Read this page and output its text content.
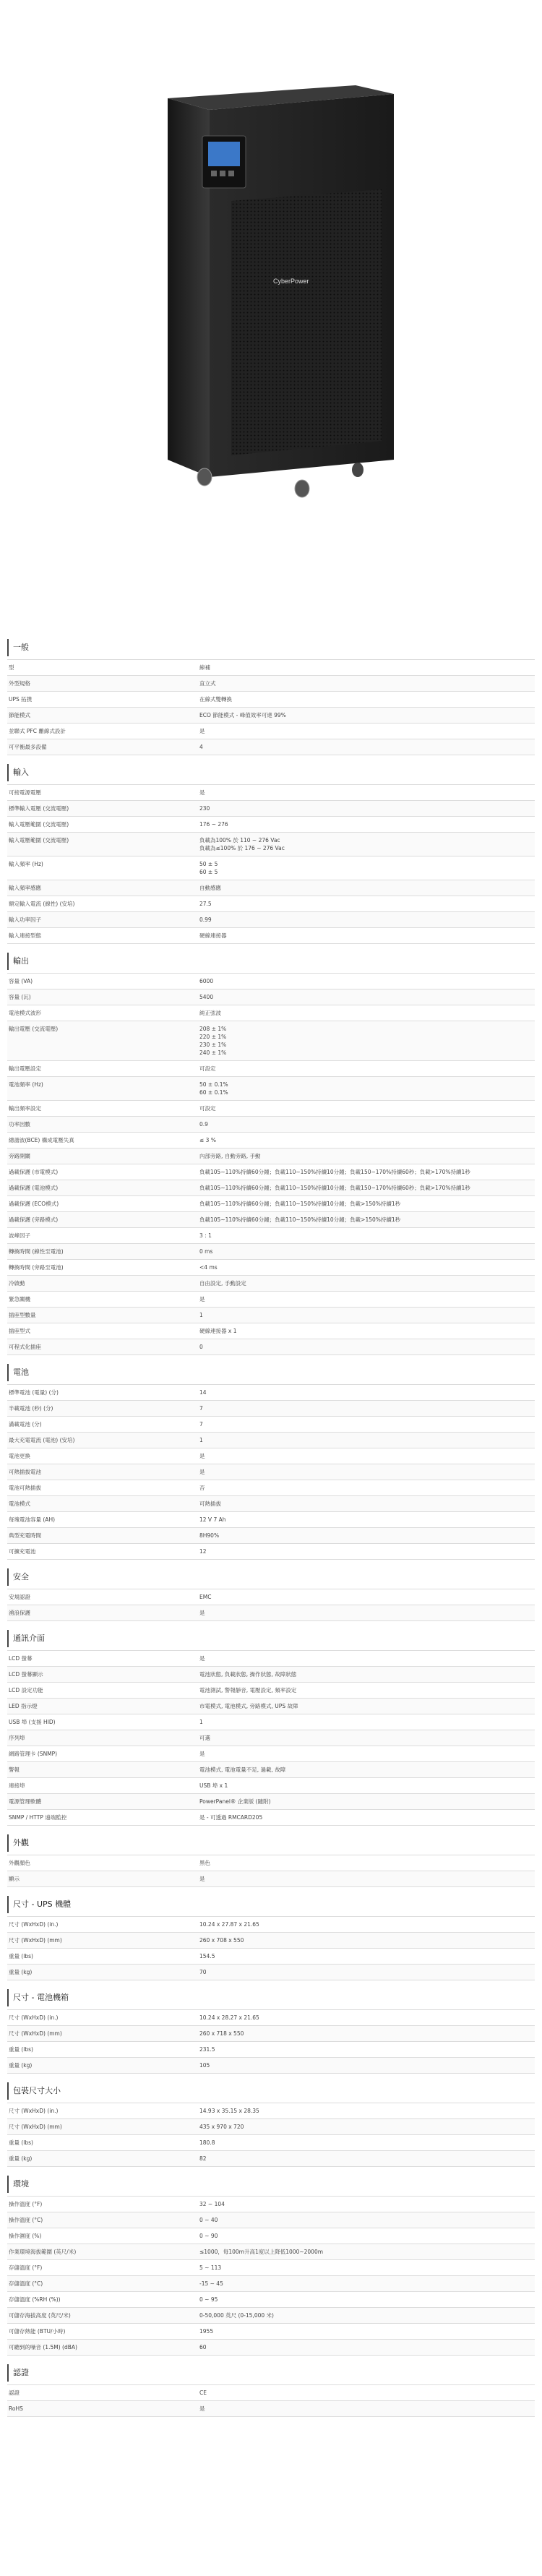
CyberPower
一般
型	線補
外型規格	直立式
UPS 拓撲	在線式雙轉換
節能模式	ECO 節能模式 - 峰值效率可達 99%
並聯式 PFC 離線式設計	是
可平衡最多設備	4
輸入
可接電源電壓	是
標準輸入電壓 (交流電壓)	230
輸入電壓範圍 (交流電壓)	176 ~ 276
輸入電壓範圍 (交流電壓)	負載為100% 於 110 ~ 276 Vac
負載為≤100% 於 176 ~ 276 Vac
輸入頻率 (Hz)	50 ± 5
60 ± 5
輸入頻率感應	自動感應
額定輸入電流 (線性) (安培)	27.5
輸入功率因子	0.99
輸入連接型態	硬線連接器
輸出
容量 (VA)	6000
容量 (瓦)	5400
電池模式波形	純正弦波
輸出電壓 (交流電壓)	208 ± 1%
220 ± 1%
230 ± 1%
240 ± 1%
輸出電壓設定	可設定
電池頻率 (Hz)	50 ± 0.1%
60 ± 0.1%
輸出頻率設定	可設定
功率因數	0.9
總諧波(BCE) 構成電壓失真	≤ 3 %
旁路開關	內部旁路, 自動旁路, 手動
過載保護 (市電模式)	負載105~110%持續60分鐘；負載110~150%持續10分鐘；負載150~170%持續60秒；負載>170%持續1秒
過載保護 (電池模式)	負載105~110%持續60分鐘；負載110~150%持續10分鐘；負載150~170%持續60秒；負載>170%持續1秒
過載保護 (ECO模式)	負載105~110%持續60分鐘；負載110~150%持續10分鐘；負載>150%持續1秒
過載保護 (旁路模式)	負載105~110%持續60分鐘；負載110~150%持續10分鐘；負載>150%持續1秒
波峰因子	3 : 1
轉換時間 (線性至電池)	0 ms
轉換時間 (旁路至電池)	<4 ms
冷啟動	自由設定, 手動設定
緊急關機	是
插座型數量	1
插座型式	硬線連接器 x 1
可程式化插座	0
電池
標準電池 (電量) (分)	14
半載電池 (秒) (分)	7
滿載電池 (分)	7
最大充電電流 (電池) (安培)	1
電池更換	是
可熱插拔電池	是
電池可熱插拔	否
電池模式	可熱插拔
每塊電池容量 (AH)	12 V 7 Ah
典型充電時間	8H90%
可擴充電池	12
安全
安規認證	EMC
湧浪保護	是
通訊介面
LCD 螢幕	是
LCD 螢幕顯示	電池狀態, 負載狀態, 操作狀態, 故障狀態
LCD 設定功能	電池測試, 警報靜音, 電壓設定, 頻率設定
LED 指示燈	市電模式, 電池模式, 旁路模式, UPS 故障
USB 埠 (支援 HID)	1
序列埠	可選
網路管理卡 (SNMP)	是
警報	電池模式, 電池電量不足, 過載, 故障
連接埠	USB 埠 x 1
電源管理軟體	PowerPanel® 企業版 (隨附)
SNMP / HTTP 遠端監控	是 - 可透過 RMCARD205
外觀
外觀顏色	黑色
顯示	是
尺寸 - UPS 機體
尺寸 (WxHxD) (in.)	10.24 x 27.87 x 21.65
尺寸 (WxHxD) (mm)	260 x 708 x 550
重量 (lbs)	154.5
重量 (kg)	70
尺寸 - 電池機箱
尺寸 (WxHxD) (in.)	10.24 x 28.27 x 21.65
尺寸 (WxHxD) (mm)	260 x 718 x 550
重量 (lbs)	231.5
重量 (kg)	105
包裝尺寸大小
尺寸 (WxHxD) (in.)	14.93 x 35.15 x 28.35
尺寸 (WxHxD) (mm)	435 x 970 x 720
重量 (lbs)	180.8
重量 (kg)	82
環境
操作溫度 (°F)	32 ~ 104
操作溫度 (°C)	0 ~ 40
操作濕度 (%)	0 ~ 90
作業環境海拔範圍 (英尺/米)	≤1000，每100m升高1度以上降低1000~2000m
存儲溫度 (°F)	5 ~ 113
存儲溫度 (°C)	-15 ~ 45
存儲溫度 (%RH (%))	0 ~ 95
可儲存海拔高度 (英尺/米)	0-50,000 英尺 (0-15,000 米)
可儲存熱能 (BTU/小時)	1955
可聽到的噪音 (1.5M) (dBA)	60
認證
認證	CE
RoHS	是
